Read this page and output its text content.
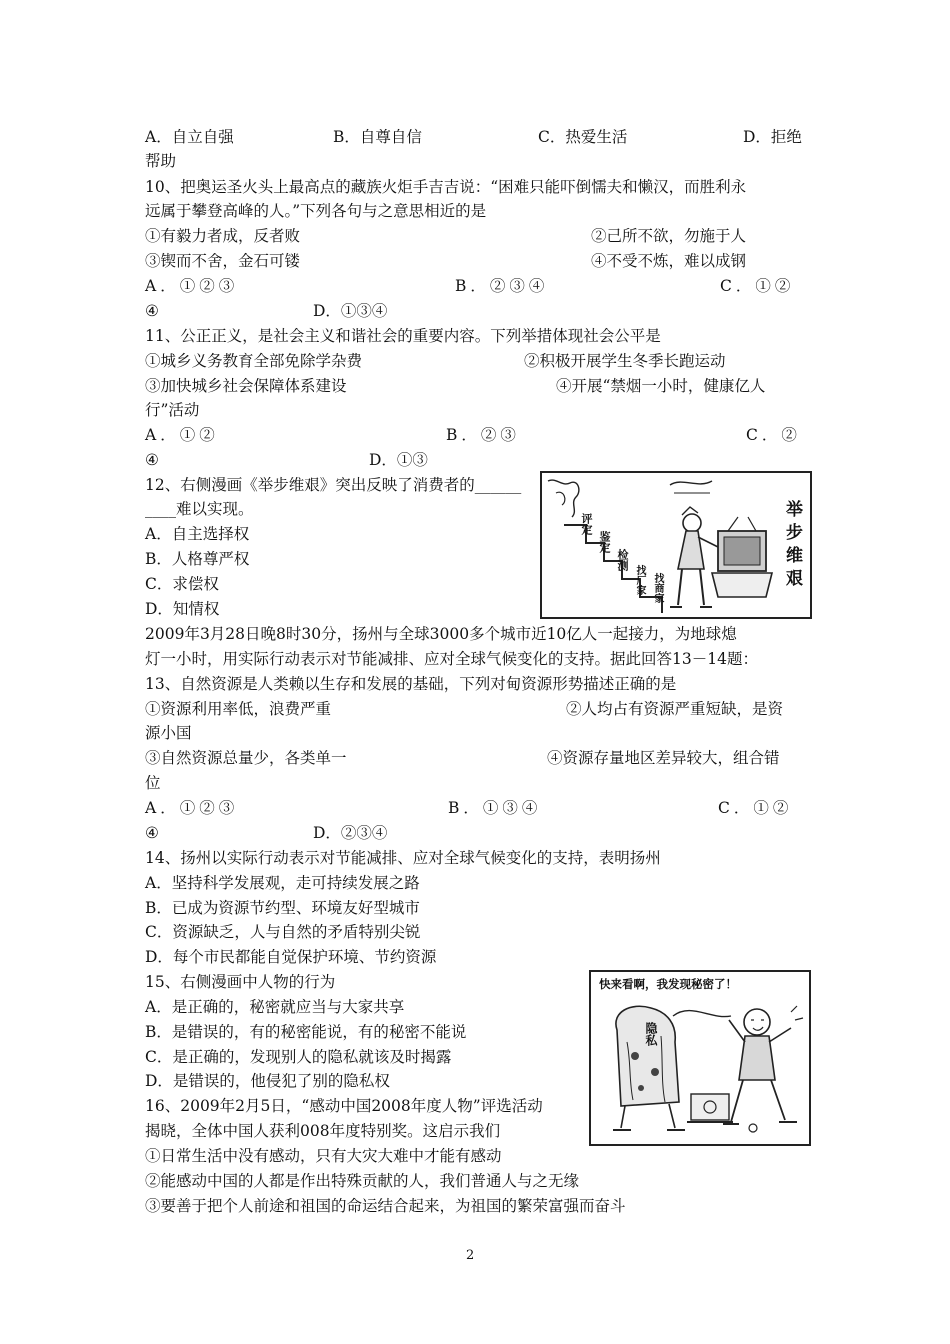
A．自立自强	B．自尊自信	C．热爱生活	D．拒绝
帮助
10、把奥运圣火头上最高点的藏族火炬手吉吉说：“困难只能吓倒懦夫和懒汉，而胜利永
远属于攀登高峰的人。”下列各句与之意思相近的是
①有毅力者成，反者败	②己所不欲，勿施于人
③锲而不舍，金石可镂	④不受不炼，难以成钢
A．①②③	B．②③④	C．①②
④	D．①③④
11、公正正义，是社会主义和谐社会的重要内容。下列举措体现社会公平是
①城乡义务教育全部免除学杂费	②积极开展学生冬季长跑运动
③加快城乡社会保障体系建设	④开展“禁烟一小时，健康亿人
行”活动
A．①②	B．②③	C．②
④	D．①③
12、右侧漫画《举步维艰》突出反映了消费者的______
____难以实现。
A．自主选择权
B．人格尊严权
C．求偿权
D．知情权
评定
鉴定
检测
找厂家 找商家
举
步
维
艰
2009年3月28日晚8时30分，扬州与全球3000多个城市近10亿人一起接力，为地球熄
灯一小时，用实际行动表示对节能减排、应对全球气候变化的支持。据此回答13－14题：
13、自然资源是人类赖以生存和发展的基础，下列对甸资源形势描述正确的是
①资源利用率低，浪费严重	②人均占有资源严重短缺，是资
源小国
③自然资源总量少，各类单一	④资源存量地区差异较大，组合错
位
A．①②③	B．①③④	C．①②
④	D．②③④
14、扬州以实际行动表示对节能减排、应对全球气候变化的支持，表明扬州
A．坚持科学发展观，走可持续发展之路
B．已成为资源节约型、环境友好型城市
C．资源缺乏，人与自然的矛盾特别尖锐
D．每个市民都能自觉保护环境、节约资源
15、右侧漫画中人物的行为
A．是正确的，秘密就应当与大家共享
B．是错误的，有的秘密能说，有的秘密不能说
C．是正确的，发现别人的隐私就该及时揭露
D．是错误的，他侵犯了别的隐私权
快来看啊，我发现秘密了！
隐私
16、2009年2月5日，“感动中国2008年度人物”评选活动
揭晓，全体中国人获利008年度特别奖。这启示我们
①日常生活中没有感动，只有大灾大难中才能有感动
②能感动中国的人都是作出特殊贡献的人，我们普通人与之无缘
③要善于把个人前途和祖国的命运结合起来，为祖国的繁荣富强而奋斗
2
